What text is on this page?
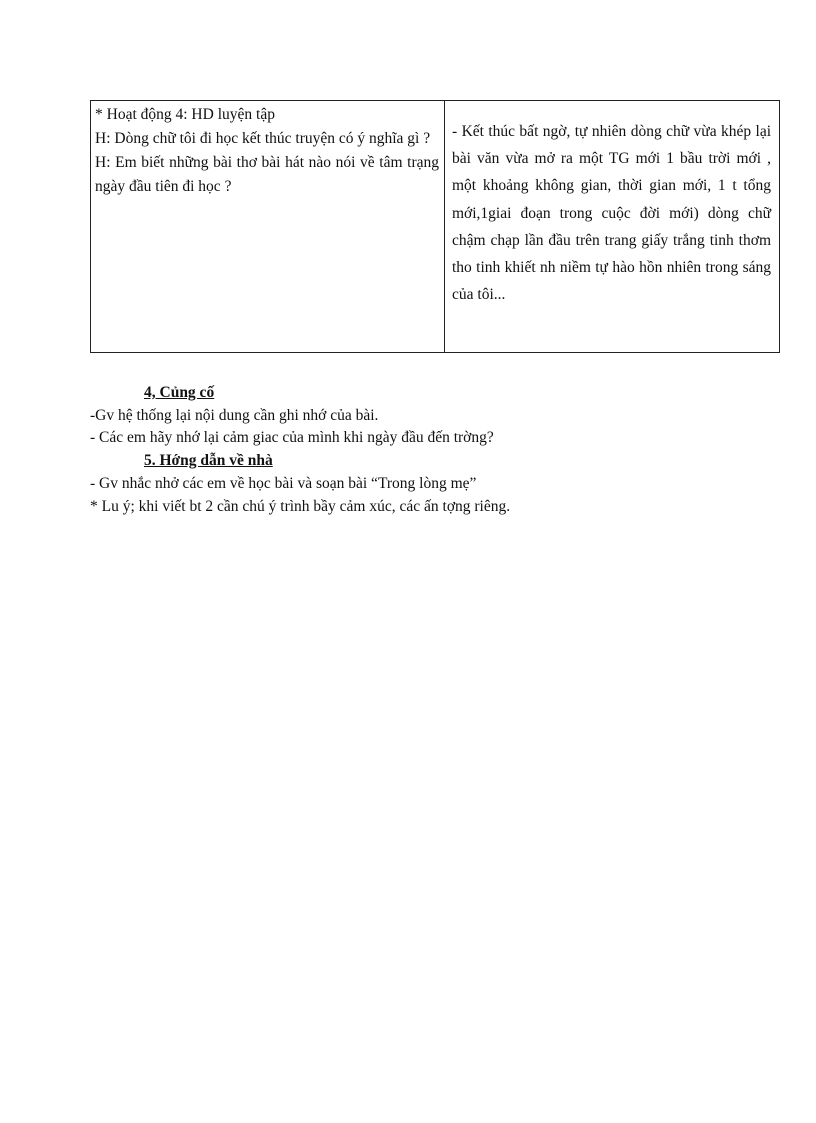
* Hoạt động 4: HD luyện tập

H: Dòng chữ tôi đi học kết thúc truyện có ý nghĩa gì ?

H: Em biết những bài thơ bài hát nào nói về tâm trạng ngày đầu tiên đi học ?

- Kết thúc bất ngờ, tự nhiên dòng chữ vừa khép lại bài văn vừa mở ra một TG mới 1 bầu trời mới , một khoảng không gian, thời gian mới, 1 t tổng mới,1giai đoạn trong cuộc đời mới) dòng chữ chậm chạp lần đầu trên trang giấy trắng tinh thơm tho tinh khiết nh niềm tự hào hồn nhiên trong sáng của tôi...

4, Củng cố

-Gv hệ thống lại nội dung cần ghi nhớ của bài.

- Các em hãy nhớ lại cảm giac của mình khi ngày đầu đến trờng?

5. Hớng dẫn về nhà

- Gv nhắc nhở các em về học bài và soạn bài “Trong lòng mẹ”

* Lu ý; khi viết bt 2 cần chú ý trình bầy cảm xúc, các ấn tợng riêng.
